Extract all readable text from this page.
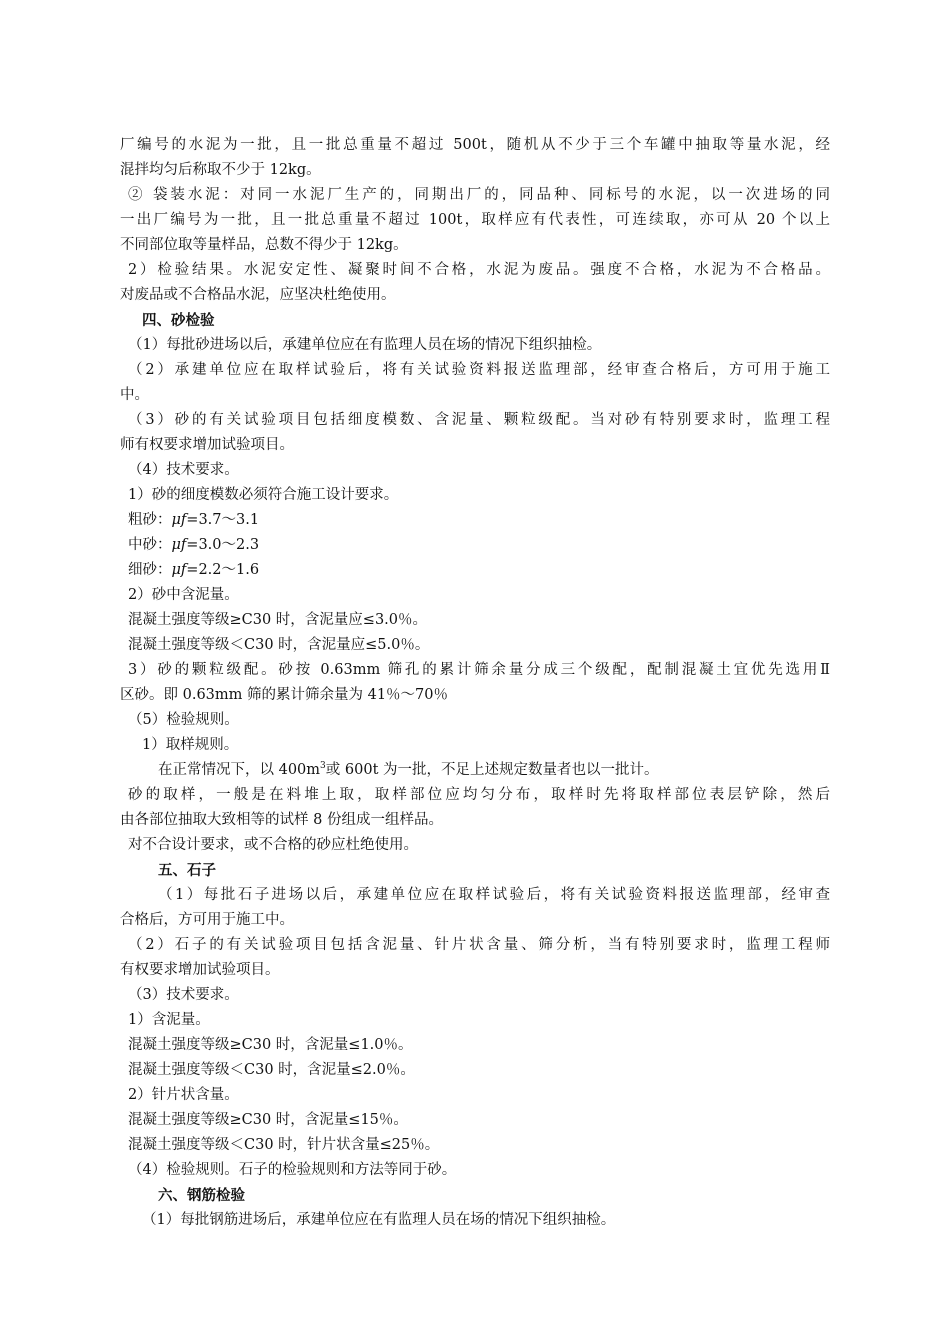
厂编号的水泥为一批，且一批总重量不超过 500t，随机从不少于三个车罐中抽取等量水泥，经

混拌均匀后称取不少于 12kg。

② 袋装水泥：对同一水泥厂生产的，同期出厂的，同品种、同标号的水泥，以一次进场的同

一出厂编号为一批，且一批总重量不超过 100t，取样应有代表性，可连续取，亦可从 20 个以上

不同部位取等量样品，总数不得少于 12kg。

2）检验结果。水泥安定性、凝聚时间不合格，水泥为废品。强度不合格，水泥为不合格品。

对废品或不合格品水泥，应坚决杜绝使用。

四、砂检验

（1）每批砂进场以后，承建单位应在有监理人员在场的情况下组织抽检。

（2）承建单位应在取样试验后，将有关试验资料报送监理部，经审查合格后，方可用于施工

中。

（3）砂的有关试验项目包括细度模数、含泥量、颗粒级配。当对砂有特别要求时，监理工程

师有权要求增加试验项目。

（4）技术要求。

1）砂的细度模数必须符合施工设计要求。

粗砂：μf=3.7～3.1

中砂：μf=3.0～2.3

细砂：μf=2.2～1.6

2）砂中含泥量。

混凝土强度等级≥C30 时，含泥量应≤3.0％。

混凝土强度等级＜C30 时，含泥量应≤5.0％。

3）砂的颗粒级配。砂按 0.63mm 筛孔的累计筛余量分成三个级配，配制混凝土宜优先选用Ⅱ

区砂。即 0.63mm 筛的累计筛余量为 41％～70％

（5）检验规则。

1）取样规则。

在正常情况下，以 $400m^3$或 600t 为一批，不足上述规定数量者也以一批计。

砂的取样，一般是在料堆上取，取样部位应均匀分布，取样时先将取样部位表层铲除，然后

由各部位抽取大致相等的试样 8 份组成一组样品。

对不合设计要求，或不合格的砂应杜绝使用。

五、石子

（1）每批石子进场以后，承建单位应在取样试验后，将有关试验资料报送监理部，经审查

合格后，方可用于施工中。

（2）石子的有关试验项目包括含泥量、针片状含量、筛分析，当有特别要求时，监理工程师

有权要求增加试验项目。

（3）技术要求。

1）含泥量。

混凝土强度等级≥C30 时，含泥量≤1.0％。

混凝土强度等级＜C30 时，含泥量≤2.0％。

2）针片状含量。

混凝土强度等级≥C30 时，含泥量≤15％。

混凝土强度等级＜C30 时，针片状含量≤25％。

（4）检验规则。石子的检验规则和方法等同于砂。

六、钢筋检验

（1）每批钢筋进场后，承建单位应在有监理人员在场的情况下组织抽检。
